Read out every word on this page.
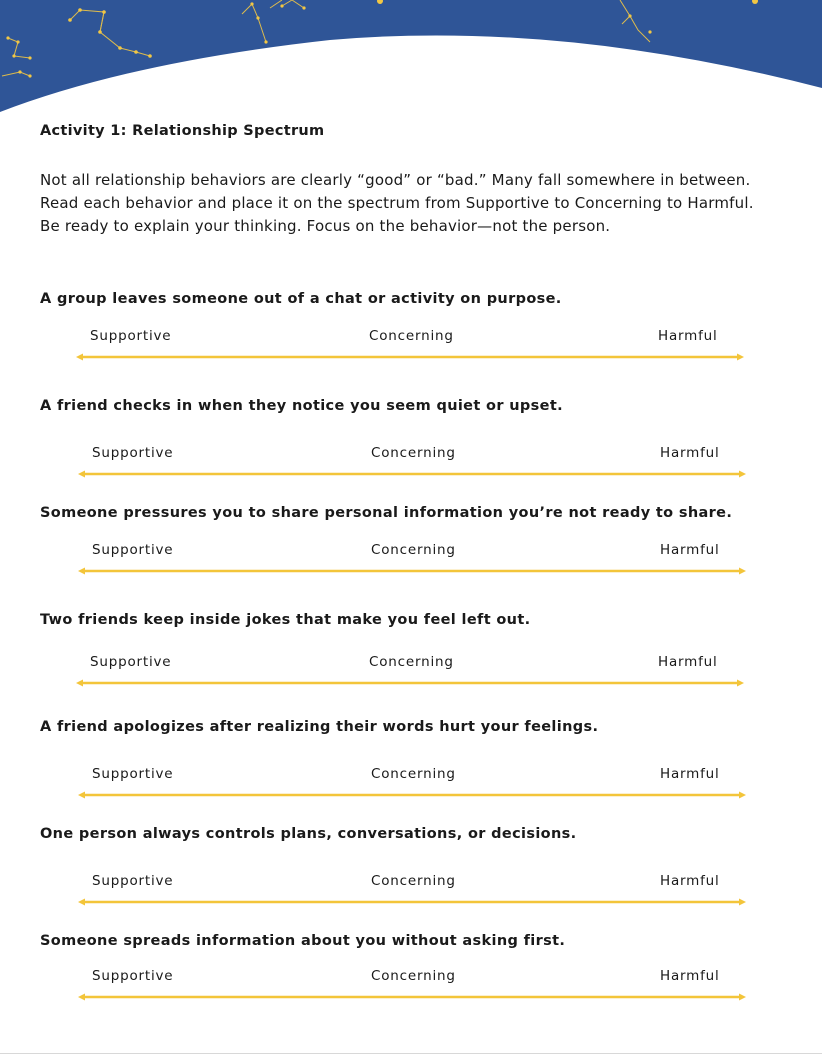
Activity 1: Relationship Spectrum

Not all relationship behaviors are clearly “good” or “bad.” Many fall somewhere in between.
Read each behavior and place it on the spectrum from Supportive to Concerning to Harmful.
Be ready to explain your thinking. Focus on the behavior—not the person.

A group leaves someone out of a chat or activity on purpose.

Supportive	Concerning	Harmful

A friend checks in when they notice you seem quiet or upset.

Supportive	Concerning	Harmful

Someone pressures you to share personal information you’re not ready to share.

Supportive	Concerning	Harmful

Two friends keep inside jokes that make you feel left out.

Supportive	Concerning	Harmful

A friend apologizes after realizing their words hurt your feelings.

Supportive	Concerning	Harmful

One person always controls plans, conversations, or decisions.

Supportive	Concerning	Harmful

Someone spreads information about you without asking first.

Supportive	Concerning	Harmful
